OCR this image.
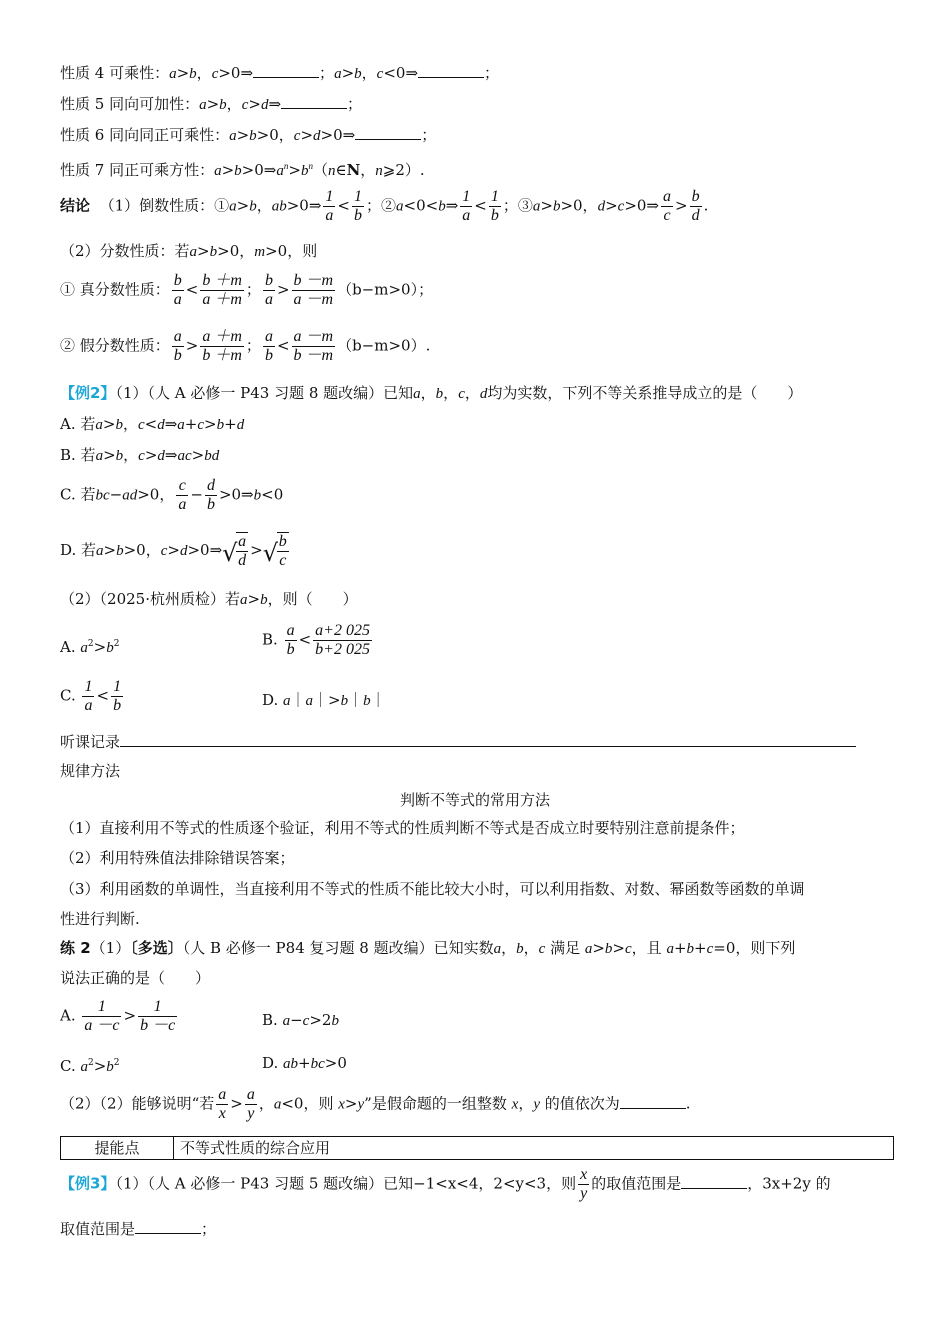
性质 4 可乘性：a>b，c>0⇒	；a>b，c<0⇒	；
性质 5 同向可加性：a>b，c>d⇒	；
性质 6 同向同正可乘性：a>b>0，c>d>0⇒	；
性质 7 同正可乘方性：$a>b>0\Rightarrow a^n>b^n(n\in N$，n⩾2）.
结论 （1）倒数性质：①a>b，ab>0⇒ $\frac{1}{a} < \frac{1}{b}$ ；②a<0<b⇒ $\frac{1}{a} < \frac{1}{b}$ ；③a>b>0，d>c>0⇒ $\frac{a}{c} > \frac{b}{d}$ .
（2）分数性质：若a>b>0，m>0，则
① 真分数性质： $\frac{b}{a} < \frac{b +m}{a +m}$ ； $\frac{b}{a} > \frac{b -m}{a -m} (b-m>0)$；
② 假分数性质： $\frac{a}{b} > \frac{a +m}{b +m}$ ； $\frac{a}{b} < \frac{a -m}{b -m} (b-m>0)$.
【例2】（1）（人 A 必修一 P43 习题 8 题改编）已知a，b，c，d均为实数，下列不等关系推导成立的是（　　）
A. 若a>b，c<d⇒a+c>b+d
B. 若a>b，c>d⇒ac>bd
C. 若bc−ad>0， $\frac{c}{a} - \frac{d}{b}$ >0⇒b<0
D. 若a>b>0，c>d>0⇒ √
$\frac{a}{d}$ > √
$\frac{b}{c}$
（2）（2025·杭州质检）若a>b，则（　　）
A. $a^2>b^2$	B. $\frac{a}{b} < \frac{a+2 025}{b+2 025}$
C. $\frac{1}{a} < \frac{1}{b}$	D. a｜a｜>b｜b｜
听课记录
规律方法
判断不等式的常用方法
（1）直接利用不等式的性质逐个验证，利用不等式的性质判断不等式是否成立时要特别注意前提条件；
（2）利用特殊值法排除错误答案；
（3）利用函数的单调性，当直接利用不等式的性质不能比较大小时，可以利用指数、对数、幂函数等函数的单调
性进行判断.
练 2（1）〔多选〕（人 B 必修一 P84 复习题 8 题改编）已知实数a，b，c 满足 a>b>c，且 a+b+c=0，则下列
说法正确的是（　　）
A. $\frac{1}{a -c} > \frac{1}{b -c}$	B. a−c>2b
C. $a^2>b^2$	D. ab+bc>0
（2）（2）能够说明“若 $\frac{a}{x} > \frac{a}{y}$ ，a<0，则 x>y”是假命题的一组整数 x，y 的值依次为	.
提能点	不等式性质的综合应用
【例3】（1）（人 A 必修一 P43 习题 5 题改编）已知−1<x<4，2<y<3，则 $\frac{x}{y}$ 的取值范围是	，3x+2y 的
取值范围是	；
